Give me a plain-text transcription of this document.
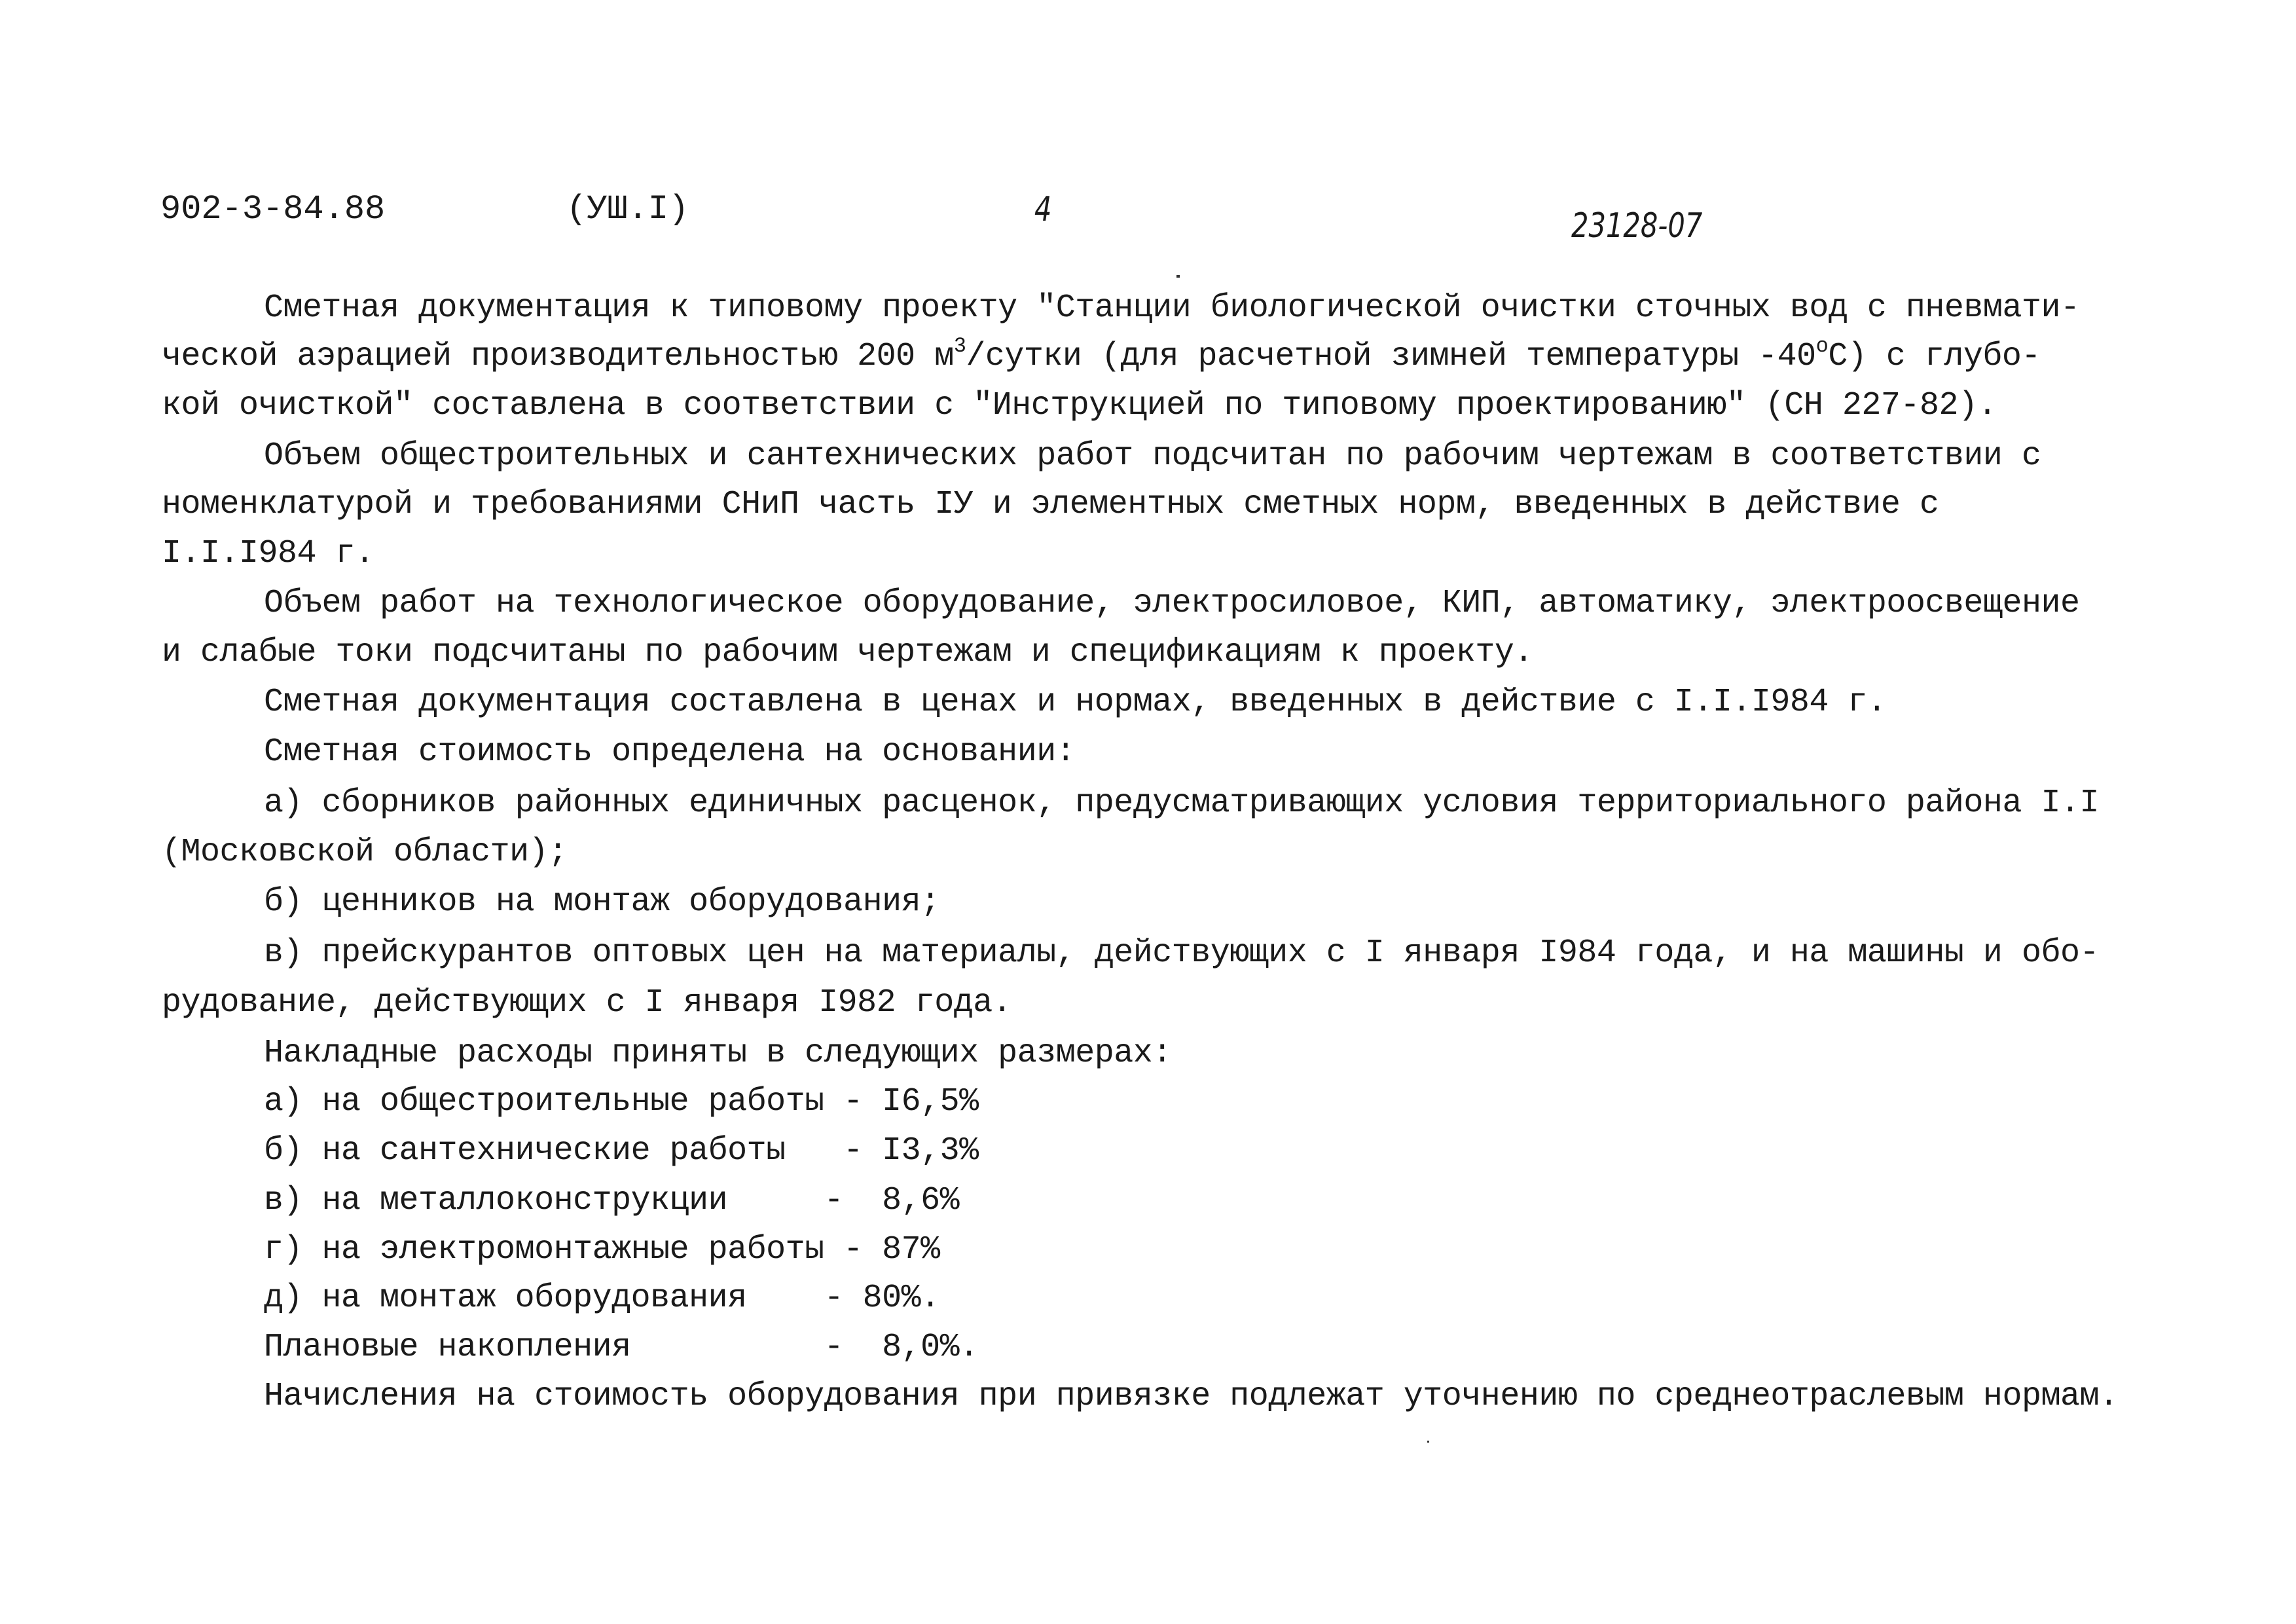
902-3-84.88	(УШ.I)	4	23128-07
Сметная документация к типовому проекту "Станции биологической очистки сточных вод с пневмати-
ческой аэрацией производительностью 200 $м^3$/сутки (для расчетной зимней температуры $-40^оС$) с глубо-
кой очисткой" составлена в соответствии с "Инструкцией по типовому проектированию" (СН 227-82).
Объем общестроительных и сантехнических работ подсчитан по рабочим чертежам в соответствии с
номенклатурой и требованиями СНиП часть IУ и элементных сметных норм, введенных в действие с
I.I.I984 г.
Объем работ на технологическое оборудование, электросиловое, КИП, автоматику, электроосвещение
и слабые токи подсчитаны по рабочим чертежам и спецификациям к проекту.
Сметная документация составлена в ценах и нормах, введенных в действие с I.I.I984 г.
Сметная стоимость определена на основании:
а) сборников районных единичных расценок, предусматривающих условия территориального района I.I
(Московской области);
б) ценников на монтаж оборудования;
в) прейскурантов оптовых цен на материалы, действующих с I января I984 года, и на машины и обо-
рудование, действующих с I января I982 года.
Накладные расходы приняты в следующих размерах:
а) на общестроительные работы - I6,5%
б) на сантехнические работы   - I3,3%
в) на металлоконструкции     -  8,6%
г) на электромонтажные работы - 87%
д) на монтаж оборудования    - 80%.
Плановые накопления          -  8,0%.
Начисления на стоимость оборудования при привязке подлежат уточнению по среднеотраслевым нормам.
